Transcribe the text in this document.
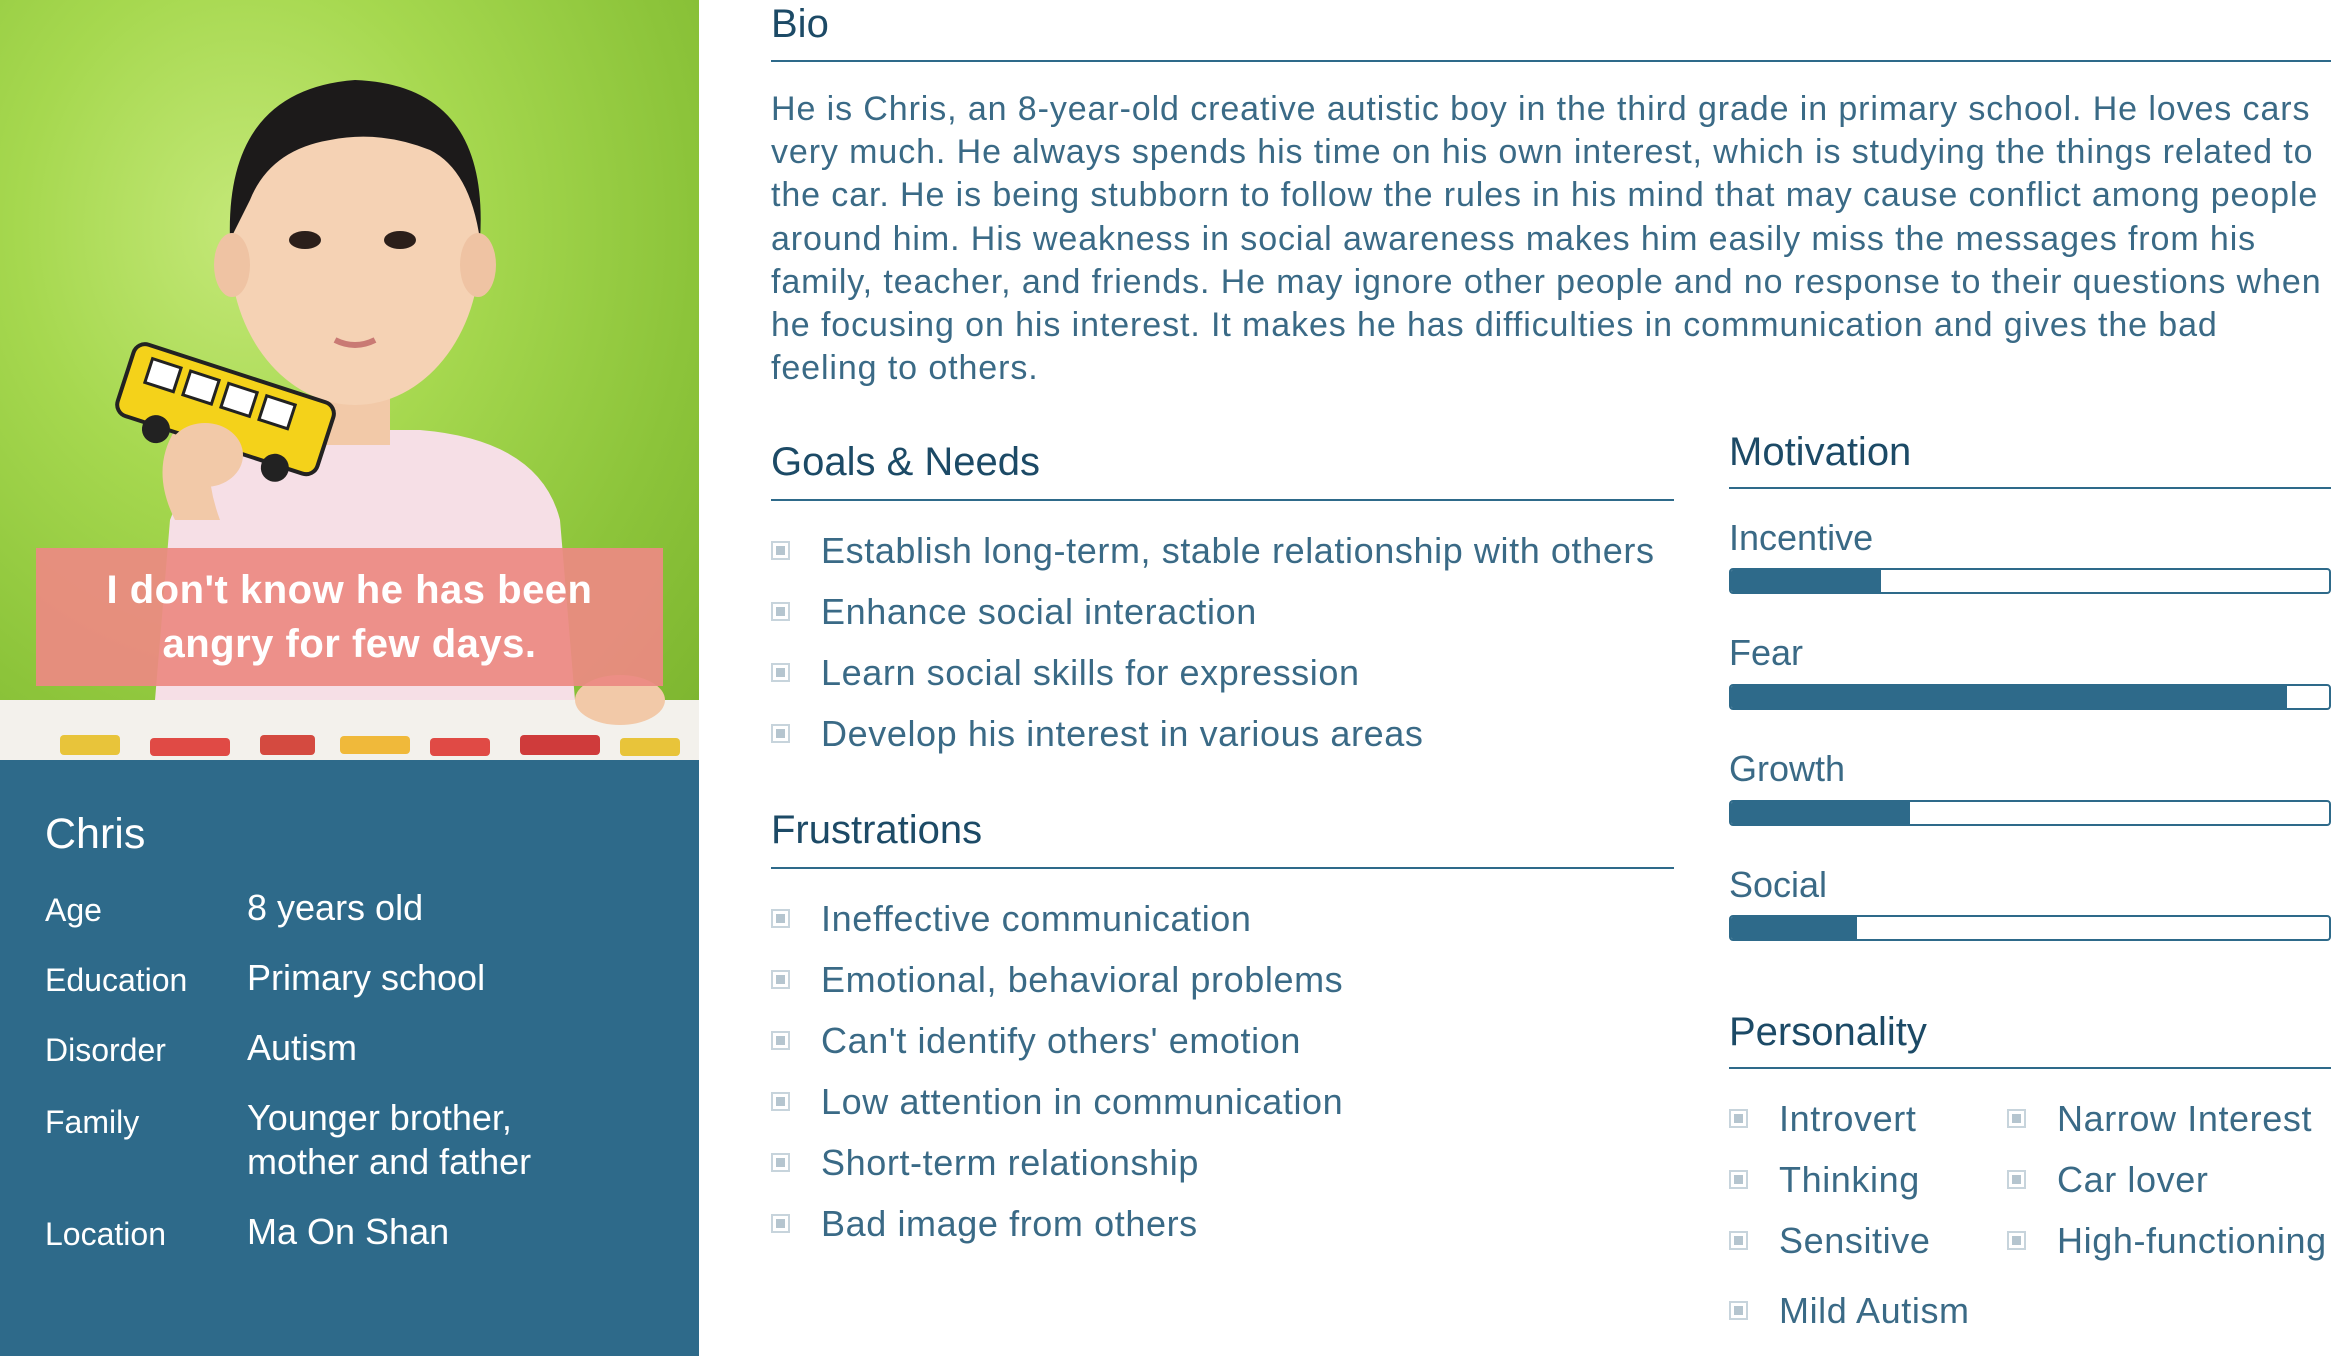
I don't know he has been angry for few days.
Chris
Age	8 years old
Education Primary school
Disorder Autism
Family	Younger brother, mother and father
Location Ma On Shan
Bio
He is Chris, an 8-year-old creative autistic boy in the third grade in primary school. He loves cars very much. He always spends his time on his own interest, which is studying the things related to the car. He is being stubborn to follow the rules in his mind that may cause conflict among people around him. His weakness in social awareness makes him easily miss the messages from his family, teacher, and friends. He may ignore other people and no response to their questions when he focusing on his interest. It makes he has difficulties in communication and gives the bad feeling to others.
Goals & Needs
Establish long-term, stable relationship with others
Enhance social interaction
Learn social skills for expression
Develop his interest in various areas
Frustrations
Ineffective communication
Emotional, behavioral problems
Can't identify others' emotion
Low attention in communication
Short-term relationship
Bad image from others
Motivation
Incentive
Fear
Growth
Social
Personality
Introvert
Thinking
Sensitive
Narrow Interest
Car lover
High-functioning
Mild Autism
